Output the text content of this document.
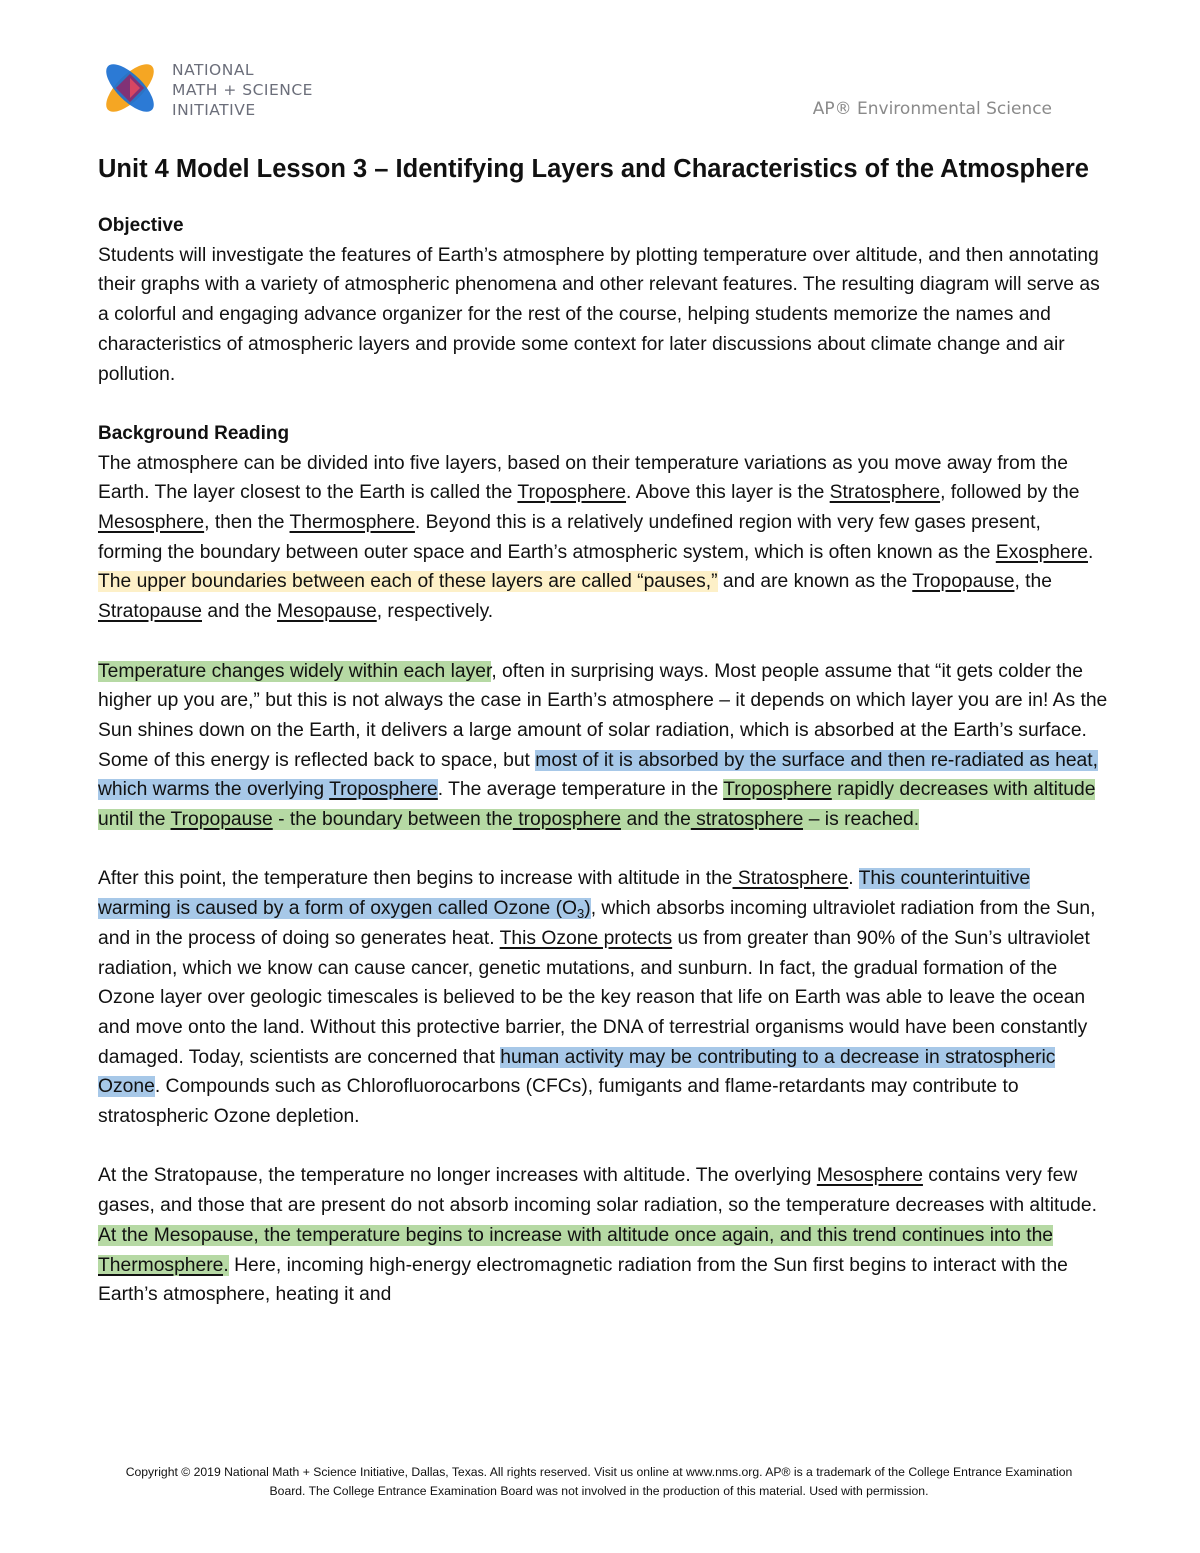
NATIONAL
MATH + SCIENCE
INITIATIVE	AP® Environmental Science
Unit 4 Model Lesson 3 – Identifying Layers and Characteristics of the Atmosphere
Objective

Students will investigate the features of Earth’s atmosphere by plotting temperature over altitude, and then annotating their graphs with a variety of atmospheric phenomena and other relevant features. The resulting diagram will serve as a colorful and engaging advance organizer for the rest of the course, helping students memorize the names and characteristics of atmospheric layers and provide some context for later discussions about climate change and air pollution.

Background Reading

The atmosphere can be divided into five layers, based on their temperature variations as you move away from the Earth. The layer closest to the Earth is called the Troposphere. Above this layer is the Stratosphere, followed by the Mesosphere, then the Thermosphere. Beyond this is a relatively undefined region with very few gases present, forming the boundary between outer space and Earth’s atmospheric system, which is often known as the Exosphere. The upper boundaries between each of these layers are called “pauses,” and are known as the Tropopause, the Stratopause and the Mesopause, respectively.

Temperature changes widely within each layer, often in surprising ways. Most people assume that “it gets colder the higher up you are,” but this is not always the case in Earth’s atmosphere – it depends on which layer you are in! As the Sun shines down on the Earth, it delivers a large amount of solar radiation, which is absorbed at the Earth’s surface. Some of this energy is reflected back to space, but most of it is absorbed by the surface and then re-radiated as heat, which warms the overlying Troposphere. The average temperature in the Troposphere rapidly decreases with altitude until the Tropopause - the boundary between the troposphere and the stratosphere – is reached.

After this point, the temperature then begins to increase with altitude in the Stratosphere. This counterintuitive warming is caused by a form of oxygen called Ozone $(O_3)$, which absorbs incoming ultraviolet radiation from the Sun, and in the process of doing so generates heat. This Ozone protects us from greater than 90% of the Sun’s ultraviolet radiation, which we know can cause cancer, genetic mutations, and sunburn. In fact, the gradual formation of the Ozone layer over geologic timescales is believed to be the key reason that life on Earth was able to leave the ocean and move onto the land. Without this protective barrier, the DNA of terrestrial organisms would have been constantly damaged. Today, scientists are concerned that human activity may be contributing to a decrease in stratospheric Ozone. Compounds such as Chlorofluorocarbons (CFCs), fumigants and flame-retardants may contribute to stratospheric Ozone depletion.

At the Stratopause, the temperature no longer increases with altitude. The overlying Mesosphere contains very few gases, and those that are present do not absorb incoming solar radiation, so the temperature decreases with altitude. At the Mesopause, the temperature begins to increase with altitude once again, and this trend continues into the Thermosphere. Here, incoming high-energy electromagnetic radiation from the Sun first begins to interact with the Earth’s atmosphere, heating it and

Copyright © 2019 National Math + Science Initiative, Dallas, Texas. All rights reserved. Visit us online at www.nms.org. AP® is a trademark of the College Entrance Examination
Board. The College Entrance Examination Board was not involved in the production of this material. Used with permission.
